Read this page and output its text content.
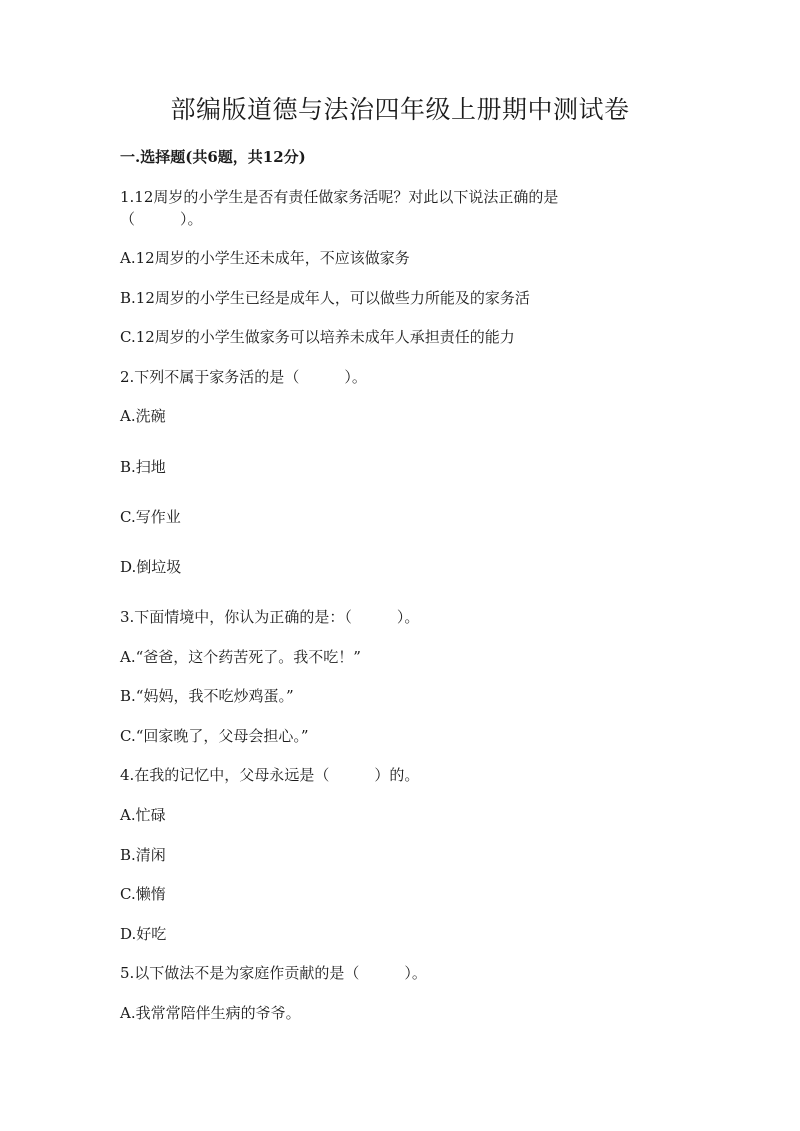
部编版道德与法治四年级上册期中测试卷

一.选择题(共6题，共12分)

1.12周岁的小学生是否有责任做家务活呢？对此以下说法正确的是

（　　　）。

A.12周岁的小学生还未成年，不应该做家务

B.12周岁的小学生已经是成年人，可以做些力所能及的家务活

C.12周岁的小学生做家务可以培养未成年人承担责任的能力

2.下列不属于家务活的是（　　　）。

A.洗碗

B.扫地

C.写作业

D.倒垃圾

3.下面情境中，你认为正确的是：（　　　）。

A.“爸爸，这个药苦死了。我不吃！”

B.“妈妈，我不吃炒鸡蛋。”

C.“回家晚了，父母会担心。”

4.在我的记忆中，父母永远是（　　　）的。

A.忙碌

B.清闲

C.懒惰

D.好吃

5.以下做法不是为家庭作贡献的是（　　　）。

A.我常常陪伴生病的爷爷。
